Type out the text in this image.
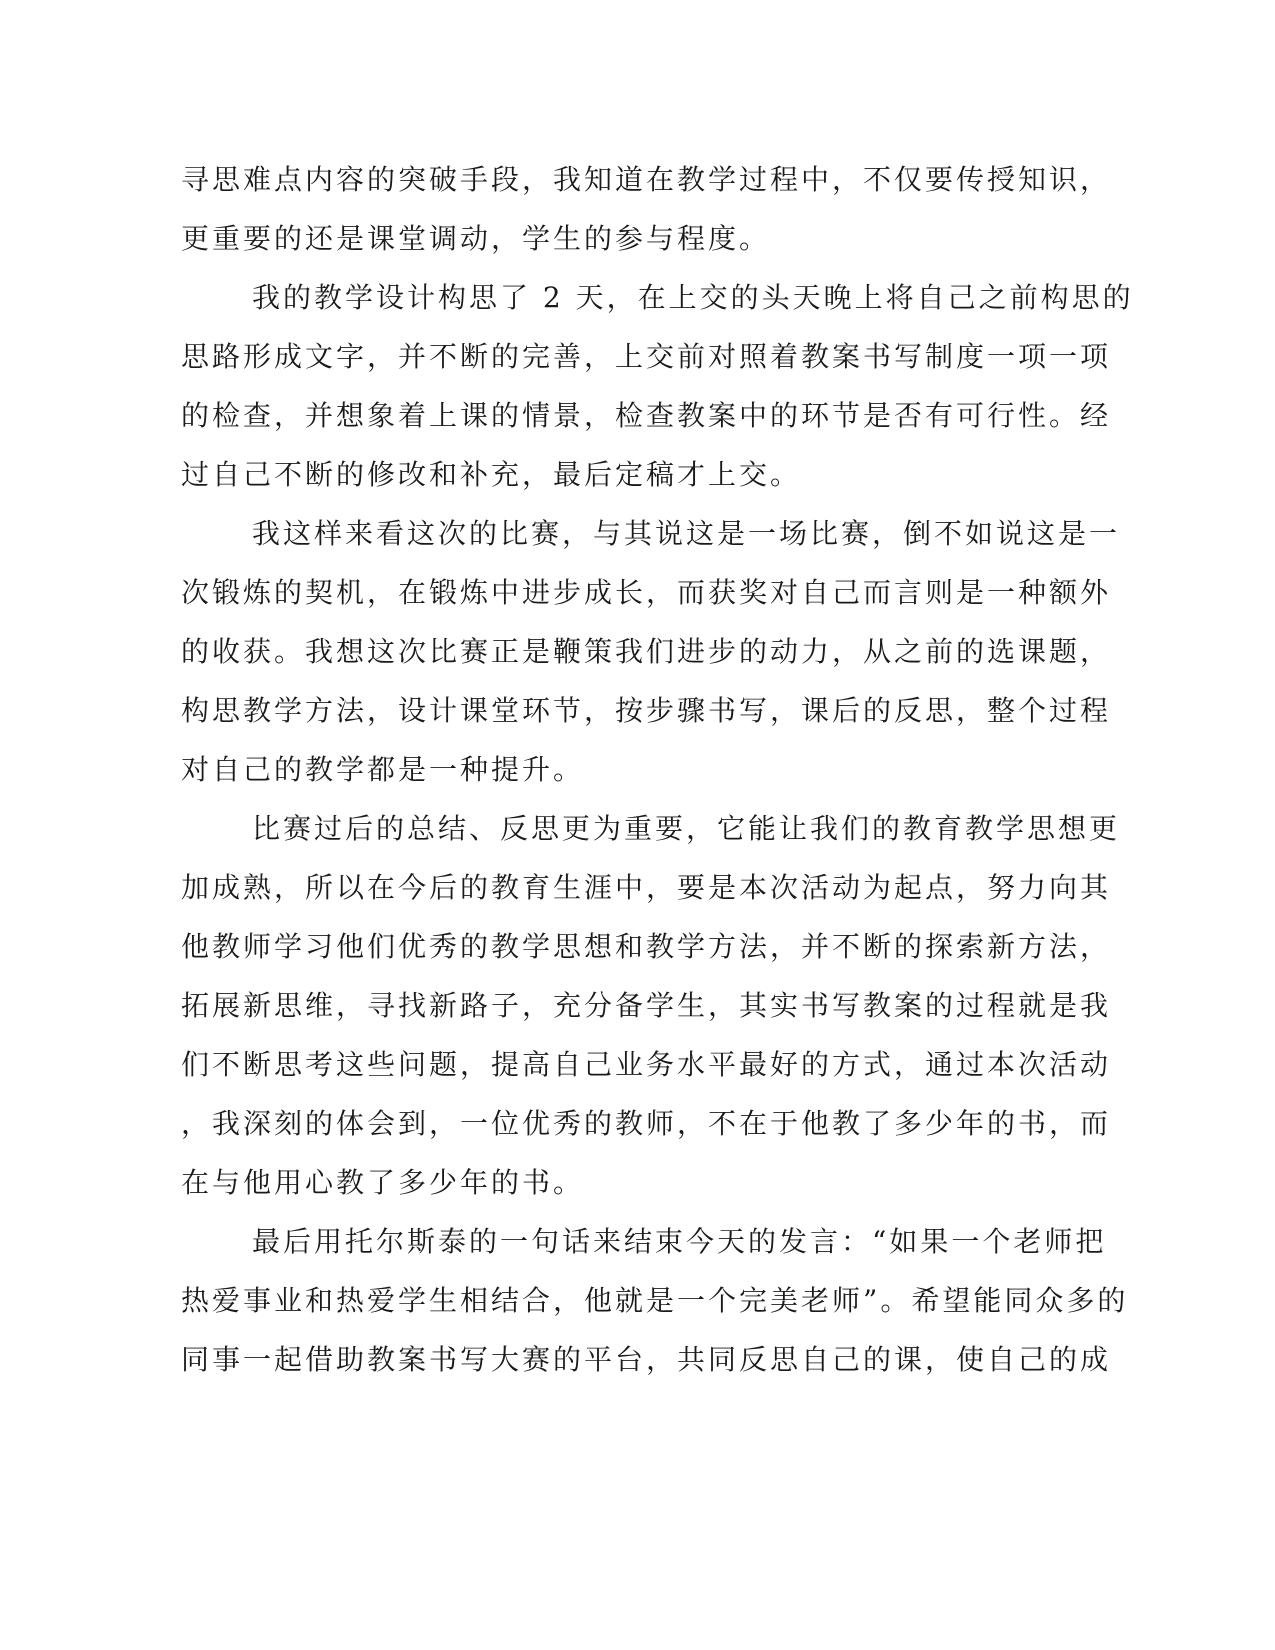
寻思难点内容的突破手段，我知道在教学过程中，不仅要传授知识，

更重要的还是课堂调动，学生的参与程度。

我的教学设计构思了 2 天，在上交的头天晚上将自己之前构思的

思路形成文字，并不断的完善，上交前对照着教案书写制度一项一项

的检查，并想象着上课的情景，检查教案中的环节是否有可行性。经

过自己不断的修改和补充，最后定稿才上交。

我这样来看这次的比赛，与其说这是一场比赛，倒不如说这是一

次锻炼的契机，在锻炼中进步成长，而获奖对自己而言则是一种额外

的收获。我想这次比赛正是鞭策我们进步的动力，从之前的选课题，

构思教学方法，设计课堂环节，按步骤书写，课后的反思，整个过程

对自己的教学都是一种提升。

比赛过后的总结、反思更为重要，它能让我们的教育教学思想更

加成熟，所以在今后的教育生涯中，要是本次活动为起点，努力向其

他教师学习他们优秀的教学思想和教学方法，并不断的探索新方法，

拓展新思维，寻找新路子，充分备学生，其实书写教案的过程就是我

们不断思考这些问题，提高自己业务水平最好的方式，通过本次活动

，我深刻的体会到，一位优秀的教师，不在于他教了多少年的书，而

在与他用心教了多少年的书。

最后用托尔斯泰的一句话来结束今天的发言：“如果一个老师把

热爱事业和热爱学生相结合，他就是一个完美老师”。希望能同众多的

同事一起借助教案书写大赛的平台，共同反思自己的课，使自己的成
